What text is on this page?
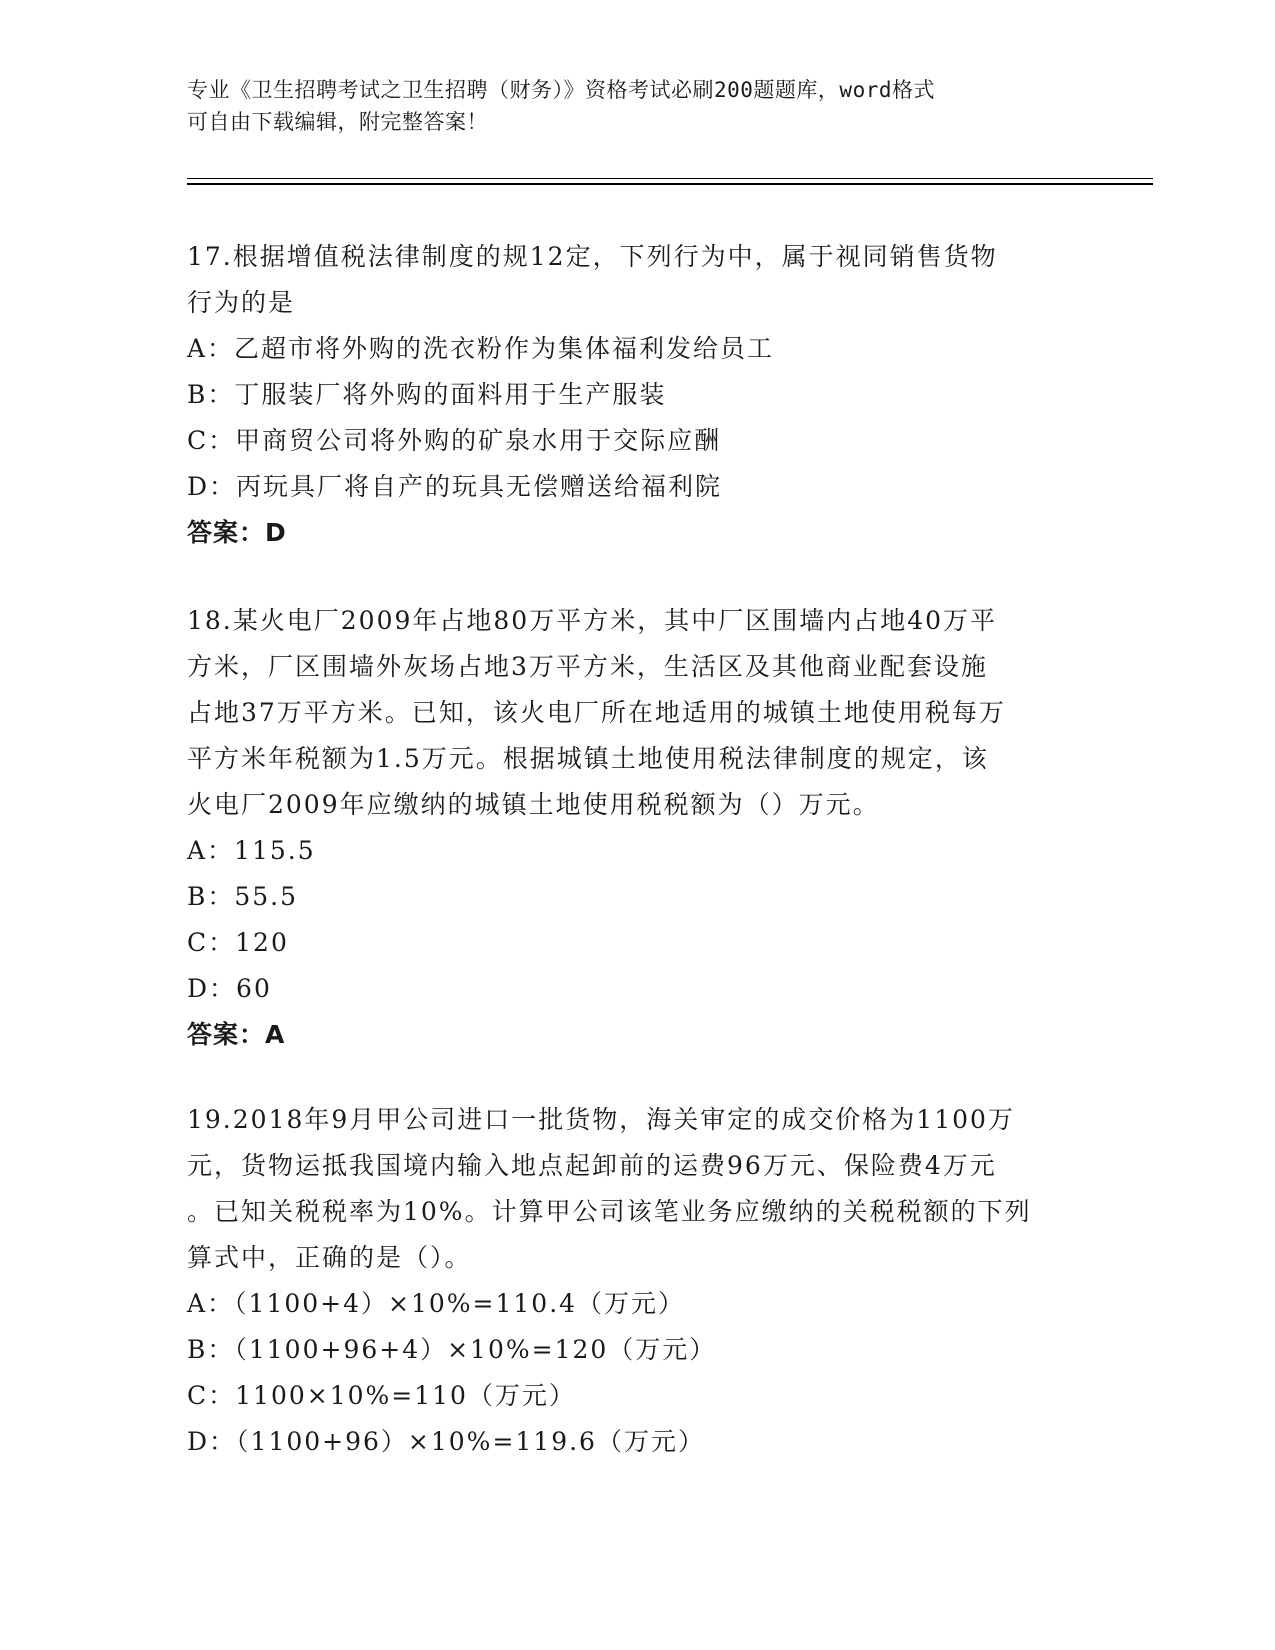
专业《卫生招聘考试之卫生招聘（财务）》资格考试必刷200题题库，word格式
可自由下载编辑，附完整答案！
17.根据增值税法律制度的规12定，下列行为中，属于视同销售货物
行为的是
A：乙超市将外购的洗衣粉作为集体福利发给员工
B：丁服装厂将外购的面料用于生产服装
C：甲商贸公司将外购的矿泉水用于交际应酬
D：丙玩具厂将自产的玩具无偿赠送给福利院
答案：D
18.某火电厂2009年占地80万平方米，其中厂区围墙内占地40万平
方米，厂区围墙外灰场占地3万平方米，生活区及其他商业配套设施
占地37万平方米。已知，该火电厂所在地适用的城镇土地使用税每万
平方米年税额为1.5万元。根据城镇土地使用税法律制度的规定，该
火电厂2009年应缴纳的城镇土地使用税税额为（）万元。
A：115.5
B：55.5
C：120
D：60
答案：A
19.2018年9月甲公司进口一批货物，海关审定的成交价格为1100万
元，货物运抵我国境内输入地点起卸前的运费96万元、保险费4万元
。已知关税税率为10%。计算甲公司该笔业务应缴纳的关税税额的下列
算式中，正确的是（）。
A：（1100+4）×10%=110.4（万元）
B：（1100+96+4）×10%=120（万元）
C：1100×10%=110（万元）
D：（1100+96）×10%=119.6（万元）
